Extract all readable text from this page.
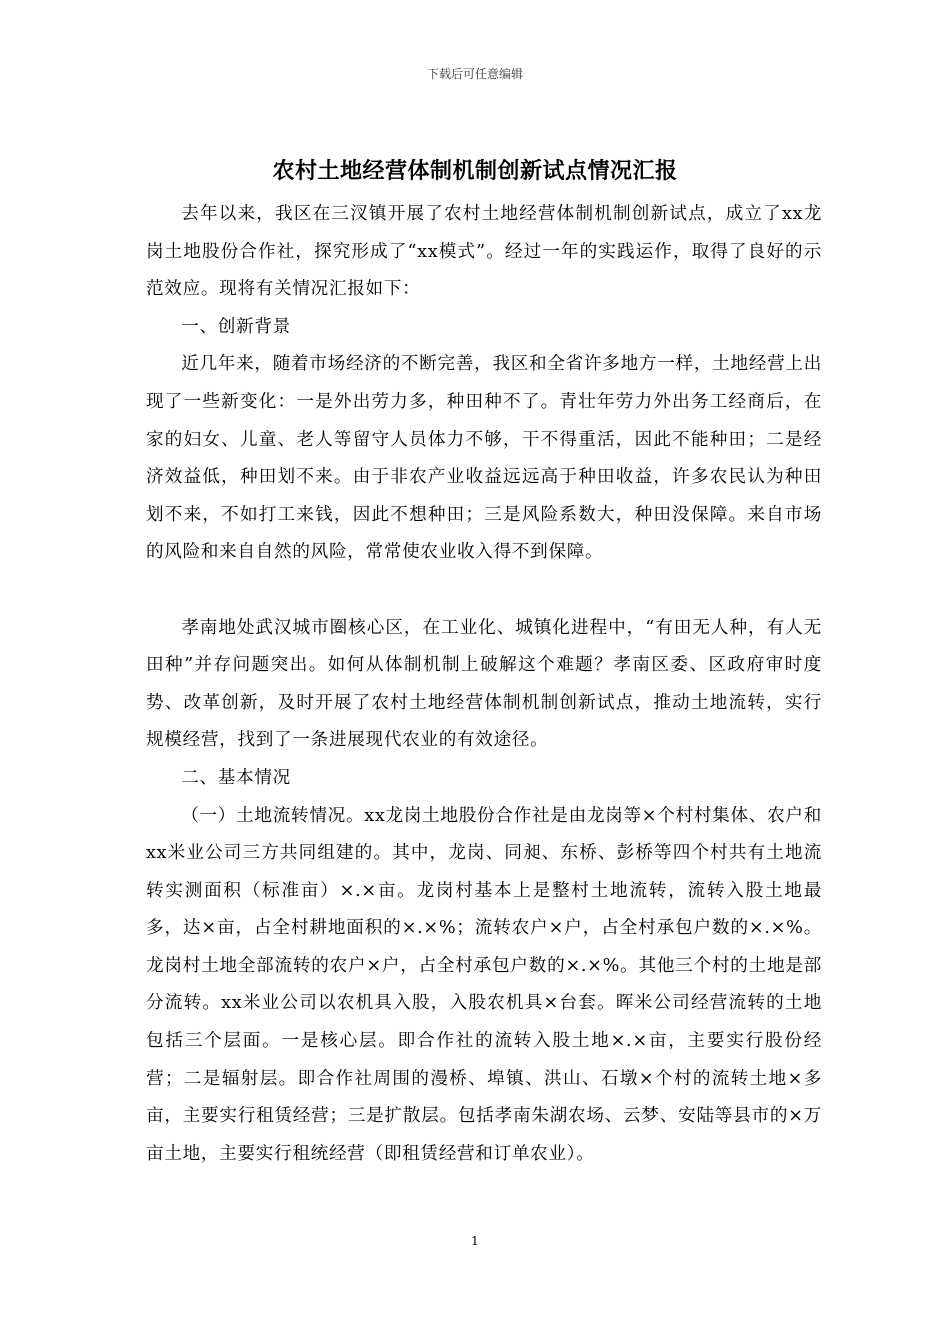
下载后可任意编辑
农村土地经营体制机制创新试点情况汇报

去年以来，我区在三汊镇开展了农村土地经营体制机制创新试点，成立了xx龙岗土地股份合作社，探究形成了“xx模式”。经过一年的实践运作，取得了良好的示范效应。现将有关情况汇报如下：

一、创新背景

近几年来，随着市场经济的不断完善，我区和全省许多地方一样，土地经营上出现了一些新变化：一是外出劳力多，种田种不了。青壮年劳力外出务工经商后，在家的妇女、儿童、老人等留守人员体力不够，干不得重活，因此不能种田；二是经济效益低，种田划不来。由于非农产业收益远远高于种田收益，许多农民认为种田划不来，不如打工来钱，因此不想种田；三是风险系数大，种田没保障。来自市场的风险和来自自然的风险，常常使农业收入得不到保障。

孝南地处武汉城市圈核心区，在工业化、城镇化进程中，“有田无人种，有人无田种”并存问题突出。如何从体制机制上破解这个难题？孝南区委、区政府审时度势、改革创新，及时开展了农村土地经营体制机制创新试点，推动土地流转，实行规模经营，找到了一条进展现代农业的有效途径。

二、基本情况

（一）土地流转情况。xx龙岗土地股份合作社是由龙岗等×个村村集体、农户和xx米业公司三方共同组建的。其中，龙岗、同昶、东桥、彭桥等四个村共有土地流转实测面积（标准亩）×.×亩。龙岗村基本上是整村土地流转，流转入股土地最多，达×亩，占全村耕地面积的×.×%；流转农户×户，占全村承包户数的×.×%。龙岗村土地全部流转的农户×户，占全村承包户数的×.×%。其他三个村的土地是部分流转。xx米业公司以农机具入股，入股农机具×台套。晖米公司经营流转的土地包括三个层面。一是核心层。即合作社的流转入股土地×.×亩，主要实行股份经营；二是辐射层。即合作社周围的漫桥、埠镇、洪山、石墩×个村的流转土地×多亩，主要实行租赁经营；三是扩散层。包括孝南朱湖农场、云梦、安陆等县市的×万亩土地，主要实行租统经营（即租赁经营和订单农业）。

1
